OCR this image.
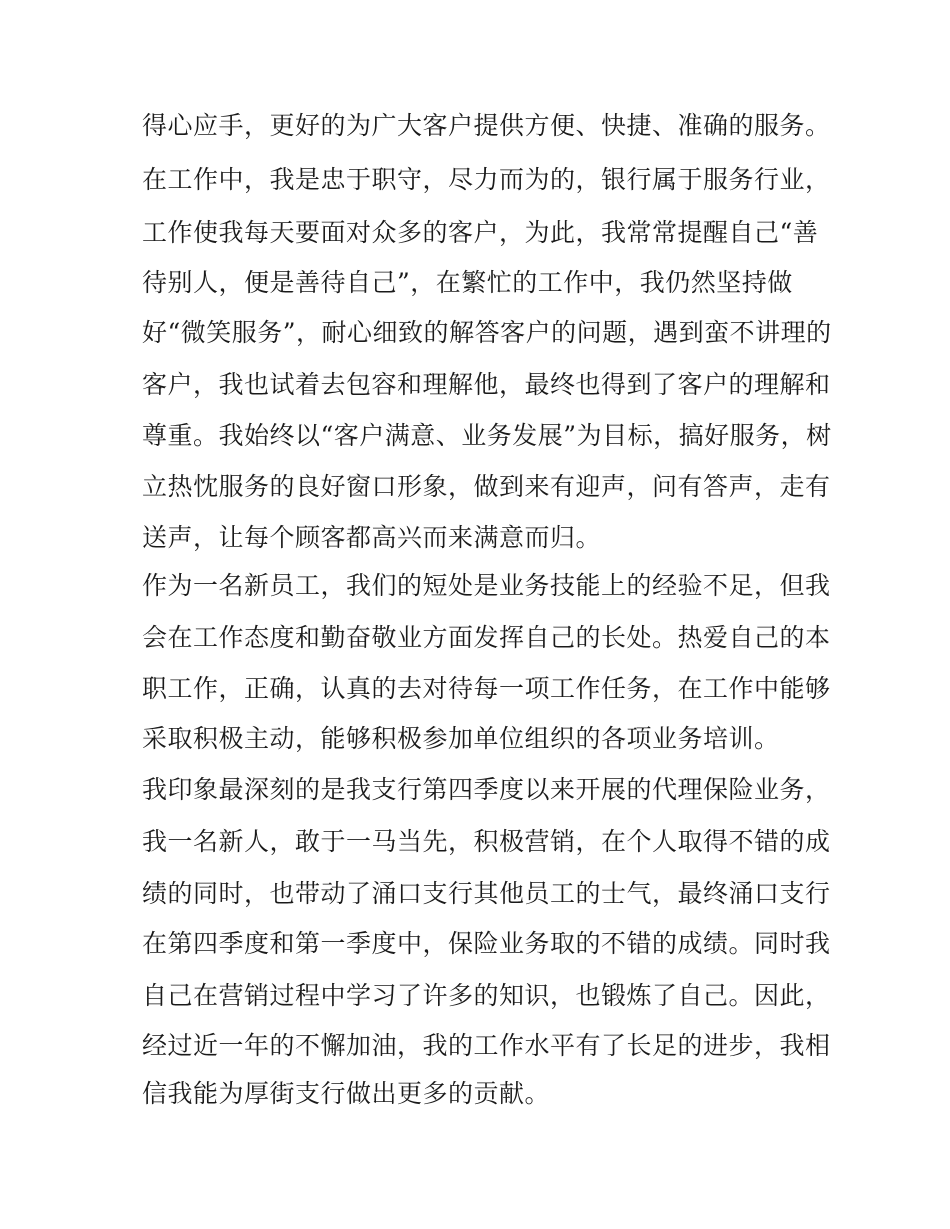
得心应手，更好的为广大客户提供方便、快捷、准确的服务。
在工作中，我是忠于职守，尽力而为的，银行属于服务行业，
工作使我每天要面对众多的客户，为此，我常常提醒自己“善
待别人，便是善待自己”，在繁忙的工作中，我仍然坚持做
好“微笑服务”，耐心细致的解答客户的问题，遇到蛮不讲理的
客户，我也试着去包容和理解他，最终也得到了客户的理解和
尊重。我始终以“客户满意、业务发展”为目标，搞好服务，树
立热忱服务的良好窗口形象，做到来有迎声，问有答声，走有
送声，让每个顾客都高兴而来满意而归。
作为一名新员工，我们的短处是业务技能上的经验不足，但我
会在工作态度和勤奋敬业方面发挥自己的长处。热爱自己的本
职工作，正确，认真的去对待每一项工作任务，在工作中能够
采取积极主动，能够积极参加单位组织的各项业务培训。
我印象最深刻的是我支行第四季度以来开展的代理保险业务，
我一名新人，敢于一马当先，积极营销，在个人取得不错的成
绩的同时，也带动了涌口支行其他员工的士气，最终涌口支行
在第四季度和第一季度中，保险业务取的不错的成绩。同时我
自己在营销过程中学习了许多的知识，也锻炼了自己。因此，
经过近一年的不懈加油，我的工作水平有了长足的进步，我相
信我能为厚街支行做出更多的贡献。
